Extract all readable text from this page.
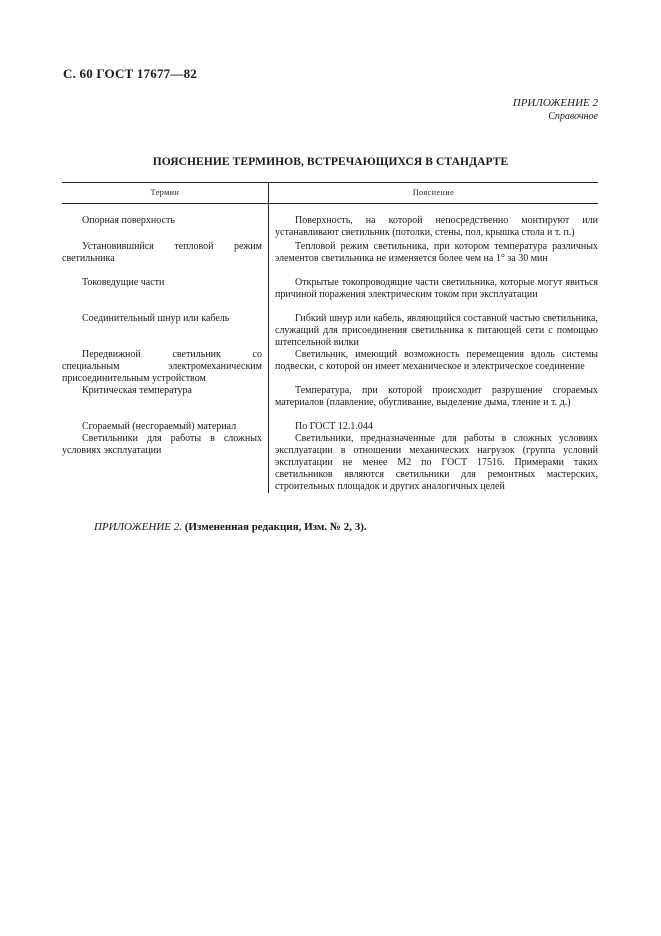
С. 60 ГОСТ 17677—82
ПРИЛОЖЕНИЕ 2
Справочное
ПОЯСНЕНИЕ ТЕРМИНОВ, ВСТРЕЧАЮЩИХСЯ В СТАНДАРТЕ
Термин	Пояснение
Опорная поверхность	Поверхность, на которой непосредственно монтируют или устанавливают светильник (потолки, стены, пол, крышка стола и т. п.)
Установившийся тепловой режим светильника	Тепловой режим светильника, при котором температура различных элементов светильника не изменяется более чем на 1° за 30 мин
Токоведущие части	Открытые токопроводящие части светильника, которые могут явиться причиной поражения электрическим током при эксплуатации
Соединительный шнур или кабель	Гибкий шнур или кабель, являющийся составной частью светильника, служащий для присоединения светильника к питающей сети с помощью штепсельной вилки
Передвижной светильник со специальным электромеханическим присоединительным устройством	Светильник, имеющий возможность перемещения вдоль системы подвески, с которой он имеет механическое и электрическое соединение
Критическая температура	Температура, при которой происходит разрушение сгораемых материалов (плавление, обугливание, выделение дыма, тление и т. д.)
Сгораемый (несгораемый) материал	По ГОСТ 12.1.044
Светильники для работы в сложных условиях эксплуатации	Светильники, предназначенные для работы в сложных условиях эксплуатации в отношении механических нагрузок (группа условий эксплуатации не менее М2 по ГОСТ 17516. Примерами таких светильников являются светильники для ремонтных мастерских, строительных площадок и других аналогичных целей
ПРИЛОЖЕНИЕ 2. (Измененная редакция, Изм. № 2, 3).
